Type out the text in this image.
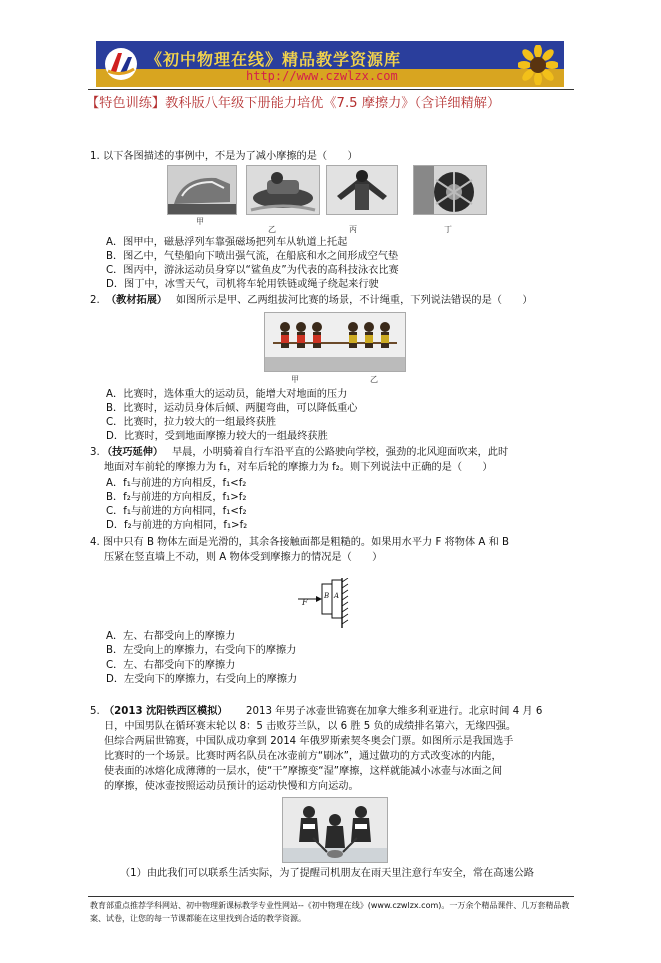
《初中物理在线》精品教学资源库
http://www.czwlzx.com
【特色训练】教科版八年级下册能力培优《7.5 摩擦力》（含详细精解）
1. 以下各图描述的事例中，不是为了减小摩擦的是（　　）
甲
乙	丙	丁
A．图甲中，磁悬浮列车靠强磁场把列车从轨道上托起
B．图乙中，气垫船向下喷出强气流，在船底和水之间形成空气垫
C．图丙中，游泳运动员身穿以“鲨鱼皮”为代表的高科技泳衣比赛
D．图丁中，冰雪天气，司机将车轮用铁链或绳子绕起来行驶
2. （教材拓展） 如图所示是甲、乙两组拔河比赛的场景，不计绳重，下列说法错误的是（　　）
甲	乙
A．比赛时，选体重大的运动员，能增大对地面的压力
B．比赛时，运动员身体后倾、两腿弯曲，可以降低重心
C．比赛时，拉力较大的一组最终获胜
D．比赛时，受到地面摩擦力较大的一组最终获胜
3. （技巧延伸） 早晨，小明骑着自行车沿平直的公路驶向学校，强劲的北风迎面吹来，此时
地面对车前轮的摩擦力为 f₁，对车后轮的摩擦力为 f₂。则下列说法中正确的是（　　）
A．f₁与前进的方向相反，f₁<f₂
B．f₂与前进的方向相反，f₁>f₂
C．f₁与前进的方向相同，f₁<f₂
D．f₂与前进的方向相同，f₁>f₂
4. 图中只有 B 物体左面是光滑的，其余各接触面都是粗糙的。如果用水平力 F 将物体 A 和 B
压紧在竖直墙上不动，则 A 物体受到摩擦力的情况是（　　）
F
B A
A．左、右都受向上的摩擦力
B．左受向上的摩擦力，右受向下的摩擦力
C．左、右都受向下的摩擦力
D．左受向下的摩擦力，右受向上的摩擦力
5. （2013 沈阳铁西区模拟） 2013 年男子冰壶世锦赛在加拿大维多利亚进行。北京时间 4 月 6
日，中国男队在循环赛末轮以 8：5 击败芬兰队，以 6 胜 5 负的成绩排名第六，无缘四强。
但综合两届世锦赛，中国队成功拿到 2014 年俄罗斯索契冬奥会门票。如图所示是我国选手
比赛时的一个场景。比赛时两名队员在冰壶前方“刷冰”，通过做功的方式改变冰的内能，
使表面的冰熔化成薄薄的一层水，使“干”摩擦变“湿”摩擦，这样就能减小冰壶与冰面之间
的摩擦，使冰壶按照运动员预计的运动快慢和方向运动。
（1）由此我们可以联系生活实际，为了提醒司机朋友在雨天里注意行车安全，常在高速公路
教育部重点推荐学科网站、初中物理新课标教学专业性网站--《初中物理在线》(www.czwlzx.com)。一万余个精品课件、几万套精品教案、试卷，让您的每一节课都能在这里找到合适的教学资源。
